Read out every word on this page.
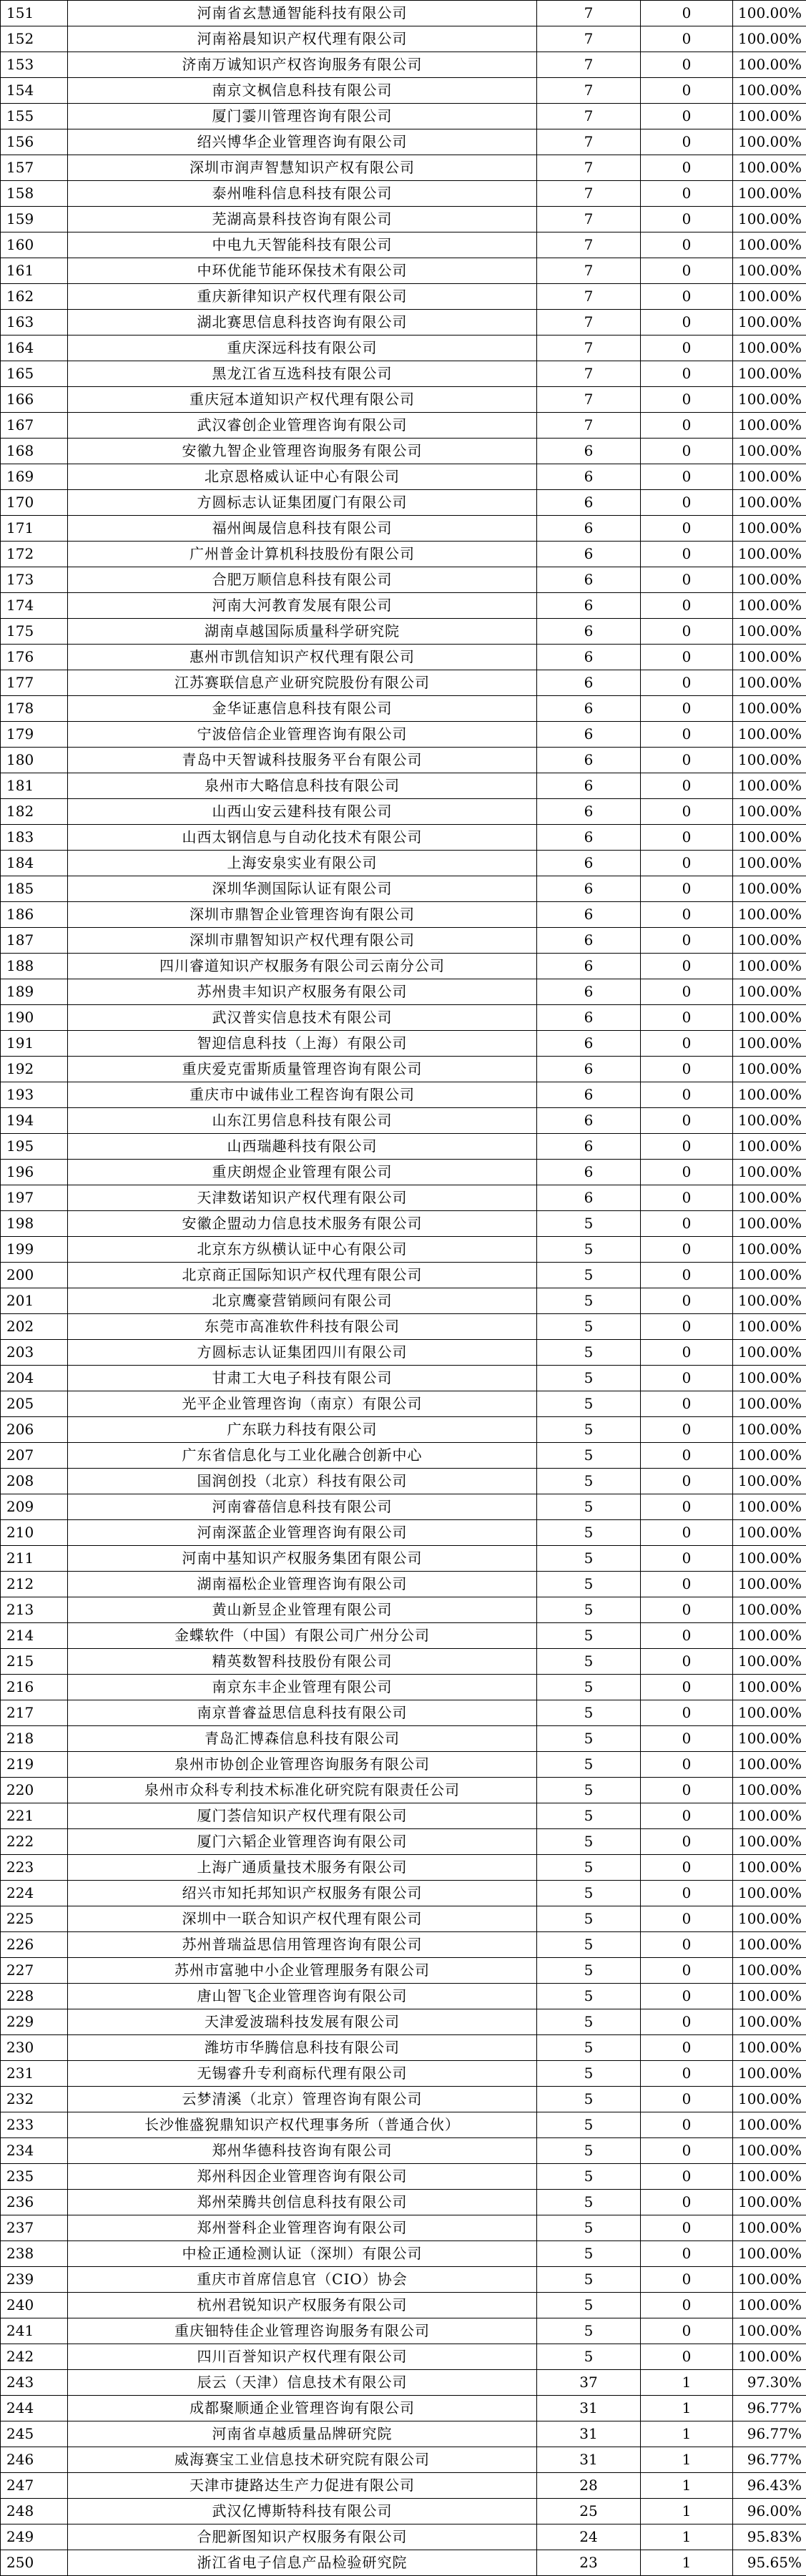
151	河南省玄慧通智能科技有限公司	7	0	100.00%
152	河南裕晨知识产权代理有限公司	7	0	100.00%
153	济南万诚知识产权咨询服务有限公司	7	0	100.00%
154	南京文枫信息科技有限公司	7	0	100.00%
155	厦门霎川管理咨询有限公司	7	0	100.00%
156	绍兴博华企业管理咨询有限公司	7	0	100.00%
157	深圳市润声智慧知识产权有限公司	7	0	100.00%
158	泰州唯科信息科技有限公司	7	0	100.00%
159	芜湖高景科技咨询有限公司	7	0	100.00%
160	中电九天智能科技有限公司	7	0	100.00%
161	中环优能节能环保技术有限公司	7	0	100.00%
162	重庆新律知识产权代理有限公司	7	0	100.00%
163	湖北赛思信息科技咨询有限公司	7	0	100.00%
164	重庆深远科技有限公司	7	0	100.00%
165	黑龙江省互选科技有限公司	7	0	100.00%
166	重庆冠本道知识产权代理有限公司	7	0	100.00%
167	武汉睿创企业管理咨询有限公司	7	0	100.00%
168	安徽九智企业管理咨询服务有限公司	6	0	100.00%
169	北京恩格威认证中心有限公司	6	0	100.00%
170	方圆标志认证集团厦门有限公司	6	0	100.00%
171	福州闽晟信息科技有限公司	6	0	100.00%
172	广州普金计算机科技股份有限公司	6	0	100.00%
173	合肥万顺信息科技有限公司	6	0	100.00%
174	河南大河教育发展有限公司	6	0	100.00%
175	湖南卓越国际质量科学研究院	6	0	100.00%
176	惠州市凯信知识产权代理有限公司	6	0	100.00%
177	江苏赛联信息产业研究院股份有限公司	6	0	100.00%
178	金华证惠信息科技有限公司	6	0	100.00%
179	宁波倍信企业管理咨询有限公司	6	0	100.00%
180	青岛中天智诚科技服务平台有限公司	6	0	100.00%
181	泉州市大略信息科技有限公司	6	0	100.00%
182	山西山安云建科技有限公司	6	0	100.00%
183	山西太钢信息与自动化技术有限公司	6	0	100.00%
184	上海安泉实业有限公司	6	0	100.00%
185	深圳华测国际认证有限公司	6	0	100.00%
186	深圳市鼎智企业管理咨询有限公司	6	0	100.00%
187	深圳市鼎智知识产权代理有限公司	6	0	100.00%
188	四川睿道知识产权服务有限公司云南分公司	6	0	100.00%
189	苏州贵丰知识产权服务有限公司	6	0	100.00%
190	武汉普实信息技术有限公司	6	0	100.00%
191	智迎信息科技（上海）有限公司	6	0	100.00%
192	重庆爱克雷斯质量管理咨询有限公司	6	0	100.00%
193	重庆市中诚伟业工程咨询有限公司	6	0	100.00%
194	山东江男信息科技有限公司	6	0	100.00%
195	山西瑞趣科技有限公司	6	0	100.00%
196	重庆朗煜企业管理有限公司	6	0	100.00%
197	天津数诺知识产权代理有限公司	6	0	100.00%
198	安徽企盟动力信息技术服务有限公司	5	0	100.00%
199	北京东方纵横认证中心有限公司	5	0	100.00%
200	北京商正国际知识产权代理有限公司	5	0	100.00%
201	北京鹰豪营销顾问有限公司	5	0	100.00%
202	东莞市高准软件科技有限公司	5	0	100.00%
203	方圆标志认证集团四川有限公司	5	0	100.00%
204	甘肃工大电子科技有限公司	5	0	100.00%
205	光平企业管理咨询（南京）有限公司	5	0	100.00%
206	广东联力科技有限公司	5	0	100.00%
207	广东省信息化与工业化融合创新中心	5	0	100.00%
208	国润创投（北京）科技有限公司	5	0	100.00%
209	河南睿蓓信息科技有限公司	5	0	100.00%
210	河南深蓝企业管理咨询有限公司	5	0	100.00%
211	河南中基知识产权服务集团有限公司	5	0	100.00%
212	湖南福松企业管理咨询有限公司	5	0	100.00%
213	黄山新昱企业管理有限公司	5	0	100.00%
214	金蝶软件（中国）有限公司广州分公司	5	0	100.00%
215	精英数智科技股份有限公司	5	0	100.00%
216	南京东丰企业管理有限公司	5	0	100.00%
217	南京普睿益思信息科技有限公司	5	0	100.00%
218	青岛汇博森信息科技有限公司	5	0	100.00%
219	泉州市协创企业管理咨询服务有限公司	5	0	100.00%
220	泉州市众科专利技术标准化研究院有限责任公司	5	0	100.00%
221	厦门荟信知识产权代理有限公司	5	0	100.00%
222	厦门六韬企业管理咨询有限公司	5	0	100.00%
223	上海广通质量技术服务有限公司	5	0	100.00%
224	绍兴市知托邦知识产权服务有限公司	5	0	100.00%
225	深圳中一联合知识产权代理有限公司	5	0	100.00%
226	苏州普瑞益思信用管理咨询有限公司	5	0	100.00%
227	苏州市富驰中小企业管理服务有限公司	5	0	100.00%
228	唐山智飞企业管理咨询有限公司	5	0	100.00%
229	天津爱波瑞科技发展有限公司	5	0	100.00%
230	潍坊市华腾信息科技有限公司	5	0	100.00%
231	无锡睿升专利商标代理有限公司	5	0	100.00%
232	云梦清溪（北京）管理咨询有限公司	5	0	100.00%
233	长沙惟盛猊鼎知识产权代理事务所（普通合伙）	5	0	100.00%
234	郑州华德科技咨询有限公司	5	0	100.00%
235	郑州科因企业管理咨询有限公司	5	0	100.00%
236	郑州荣腾共创信息科技有限公司	5	0	100.00%
237	郑州誉科企业管理咨询有限公司	5	0	100.00%
238	中检正通检测认证（深圳）有限公司	5	0	100.00%
239	重庆市首席信息官（CIO）协会	5	0	100.00%
240	杭州君锐知识产权服务有限公司	5	0	100.00%
241	重庆钿特佳企业管理咨询服务有限公司	5	0	100.00%
242	四川百誉知识产权代理有限公司	5	0	100.00%
243	辰云（天津）信息技术有限公司	37	1	97.30%
244	成都聚顺通企业管理咨询有限公司	31	1	96.77%
245	河南省卓越质量品牌研究院	31	1	96.77%
246	威海赛宝工业信息技术研究院有限公司	31	1	96.77%
247	天津市捷路达生产力促进有限公司	28	1	96.43%
248	武汉亿博斯特科技有限公司	25	1	96.00%
249	合肥新图知识产权服务有限公司	24	1	95.83%
250	浙江省电子信息产品检验研究院	23	1	95.65%
